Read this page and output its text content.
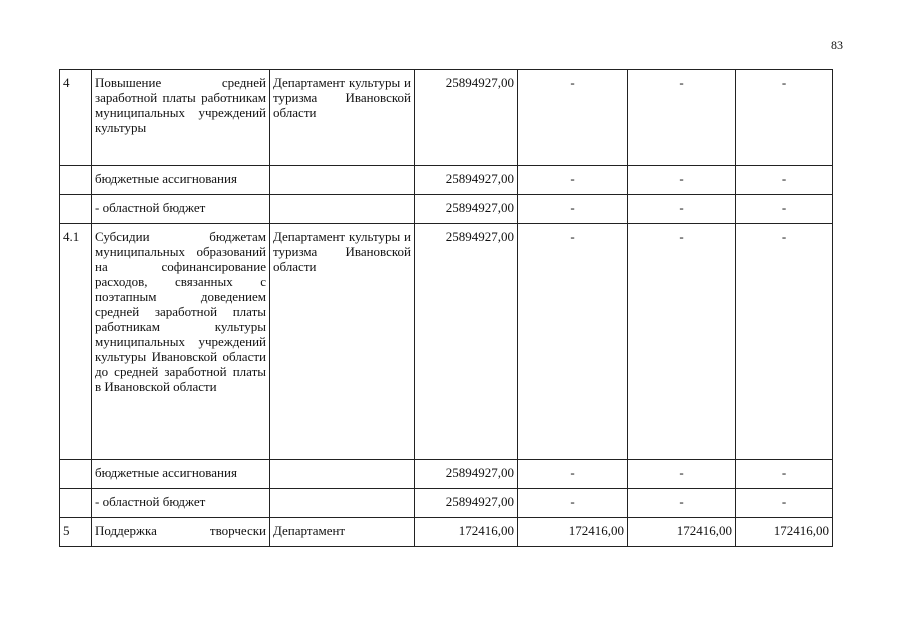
83
4	Повышение средней заработной платы работникам муниципальных учреждений культуры	Департамент культуры и туризма Ивановской области	25894927,00	-	-	-
	бюджетные ассигнования		25894927,00	-	-	-
	- областной бюджет		25894927,00	-	-	-
4.1	Субсидии бюджетам муниципальных образований на софинансирование расходов, связанных с поэтапным доведением средней заработной платы работникам культуры муниципальных учреждений культуры Ивановской области до средней заработной платы в Ивановской области	Департамент культуры и туризма Ивановской области	25894927,00	-	-	-
	бюджетные ассигнования		25894927,00	-	-	-
	- областной бюджет		25894927,00	-	-	-
5	Поддержка творчески	Департамент	172416,00	172416,00	172416,00	172416,00
